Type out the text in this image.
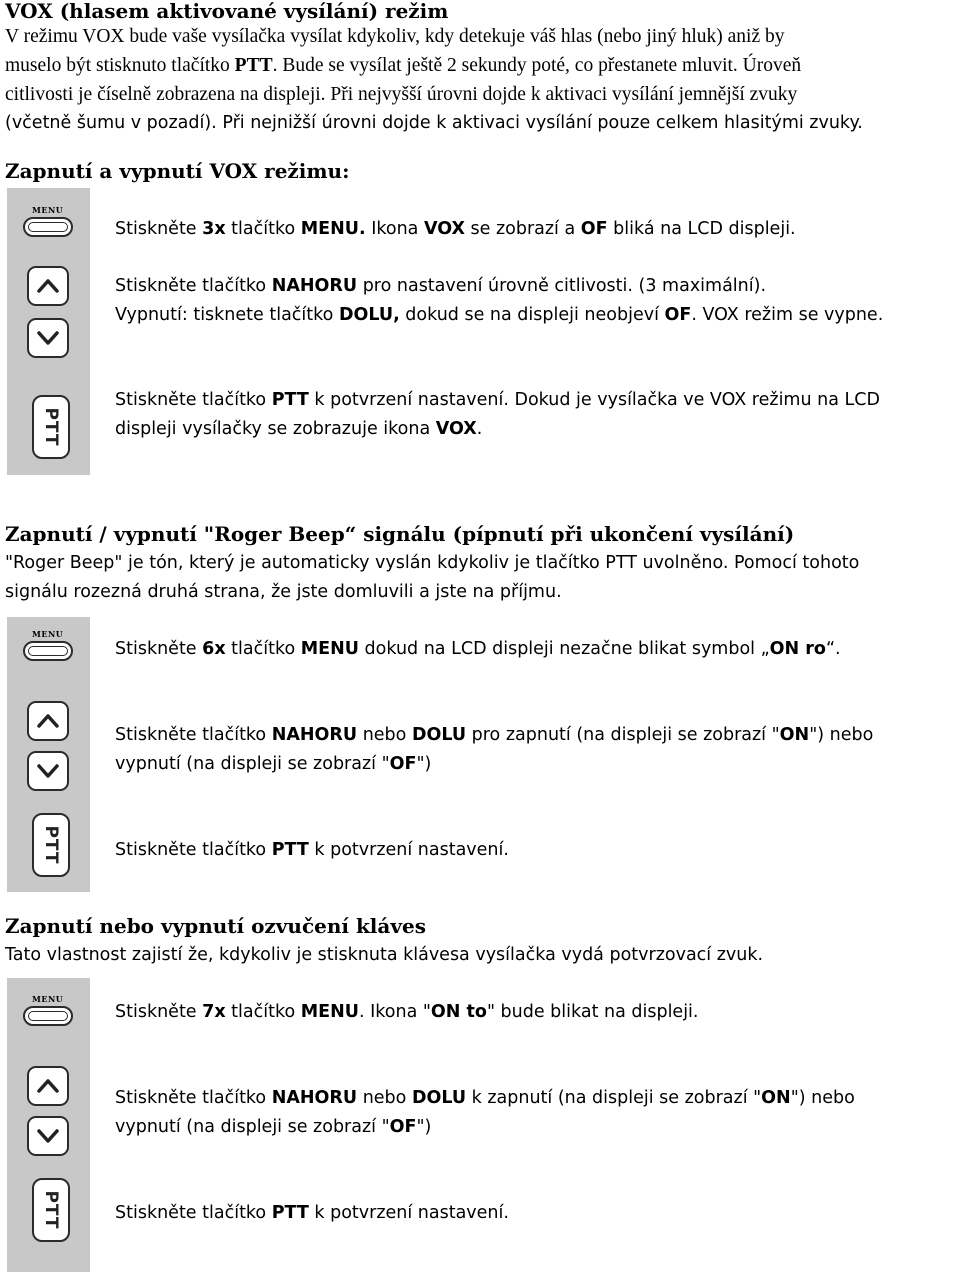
VOX (hlasem aktivované vysílání) režim
V režimu VOX bude vaše vysílačka vysílat kdykoliv, kdy detekuje váš hlas (nebo jiný hluk) aniž by
muselo být stisknuto tlačítko PTT. Bude se vysílat ještě 2 sekundy poté, co přestanete mluvit. Úroveň
citlivosti je číselně zobrazena na displeji. Při nejvyšší úrovni dojde k aktivaci vysílání jemnější zvuky
(včetně šumu v pozadí). Při nejnižší úrovni dojde k aktivaci vysílání pouze celkem hlasitými zvuky.
Zapnutí a vypnutí VOX režimu:
MENU
PTT
Stiskněte 3x tlačítko MENU. Ikona VOX se zobrazí a OF bliká na LCD displeji.
Stiskněte tlačítko NAHORU pro nastavení úrovně citlivosti. (3 maximální).
Vypnutí: tisknete tlačítko DOLU, dokud se na displeji neobjeví OF. VOX režim se vypne.
Stiskněte tlačítko PTT k potvrzení nastavení. Dokud je vysílačka ve VOX režimu na LCD
displeji vysílačky se zobrazuje ikona VOX.
Zapnutí / vypnutí "Roger Beep“ signálu (pípnutí při ukončení vysílání)
"Roger Beep" je tón, který je automaticky vyslán kdykoliv je tlačítko PTT uvolněno. Pomocí tohoto
signálu rozezná druhá strana, že jste domluvili a jste na příjmu.
MENU
PTT
Stiskněte 6x tlačítko MENU dokud na LCD displeji nezačne blikat symbol „ON ro“.
Stiskněte tlačítko NAHORU nebo DOLU pro zapnutí (na displeji se zobrazí "ON") nebo
vypnutí (na displeji se zobrazí "OF")
Stiskněte tlačítko PTT k potvrzení nastavení.
Zapnutí nebo vypnutí ozvučení kláves
Tato vlastnost zajistí že, kdykoliv je stisknuta klávesa vysílačka vydá potvrzovací zvuk.
MENU
PTT
Stiskněte 7x tlačítko MENU. Ikona "ON to" bude blikat na displeji.
Stiskněte tlačítko NAHORU nebo DOLU k zapnutí (na displeji se zobrazí "ON") nebo
vypnutí (na displeji se zobrazí "OF")
Stiskněte tlačítko PTT k potvrzení nastavení.
